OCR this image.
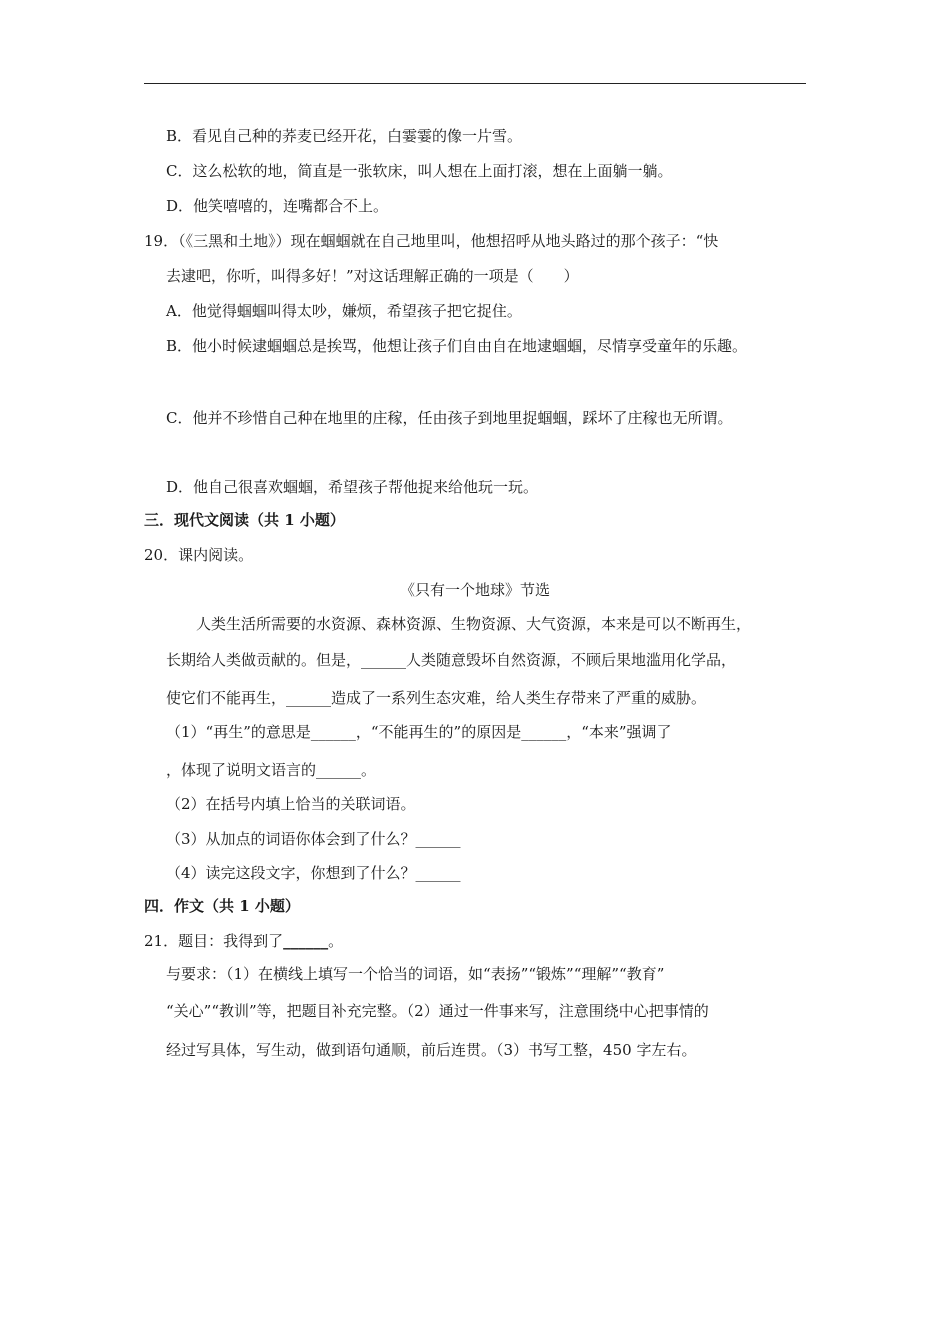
B．看见自己种的荞麦已经开花，白霎霎的像一片雪。
C．这么松软的地，简直是一张软床，叫人想在上面打滚，想在上面躺一躺。
D．他笑嘻嘻的，连嘴都合不上。
19．（《三黑和土地》）现在蝈蝈就在自己地里叫，他想招呼从地头路过的那个孩子：“快
去逮吧，你听，叫得多好！”对这话理解正确的一项是（　　）
A．他觉得蝈蝈叫得太吵，嫌烦，希望孩子把它捉住。
B．他小时候逮蝈蝈总是挨骂，他想让孩子们自由自在地逮蝈蝈，尽情享受童年的乐趣。
C．他并不珍惜自己种在地里的庄稼，任由孩子到地里捉蝈蝈，踩坏了庄稼也无所谓。
D．他自己很喜欢蝈蝈，希望孩子帮他捉来给他玩一玩。
三．现代文阅读（共 1 小题）
20．课内阅读。
《只有一个地球》节选
人类生活所需要的水资源、森林资源、生物资源、大气资源，本来是可以不断再生，
长期给人类做贡献的。但是，______人类随意毁坏自然资源，不顾后果地滥用化学品，
使它们不能再生，______造成了一系列生态灾难，给人类生存带来了严重的威胁。
（1）“再生”的意思是______，“不能再生的”的原因是______，“本来”强调了
，体现了说明文语言的______。
（2）在括号内填上恰当的关联词语。
（3）从加点的词语你体会到了什么？______
（4）读完这段文字，你想到了什么？______
四．作文（共 1 小题）
21．题目：我得到了______。
与要求：（1）在横线上填写一个恰当的词语，如“表扬”“锻炼”“理解”“教育”
“关心”“教训”等，把题目补充完整。（2）通过一件事来写，注意围绕中心把事情的
经过写具体，写生动，做到语句通顺，前后连贯。（3）书写工整，450 字左右。
